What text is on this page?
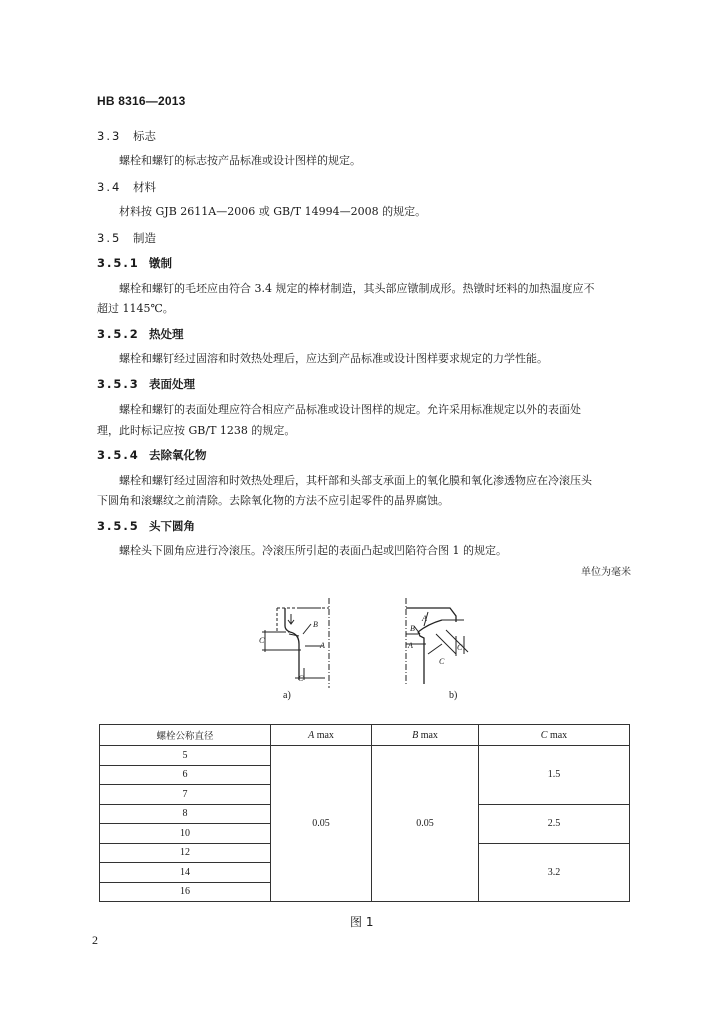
HB 8316—2013
3.3 标志
螺栓和螺钉的标志按产品标准或设计图样的规定。
3.4 材料
材料按 GJB 2611A—2006 或 GB/T 14994—2008 的规定。
3.5 制造
3.5.1 镦制
螺栓和螺钉的毛坯应由符合 3.4 规定的棒材制造，其头部应镦制成形。热镦时坯料的加热温度应不
超过 1145℃。
3.5.2 热处理
螺栓和螺钉经过固溶和时效热处理后，应达到产品标准或设计图样要求规定的力学性能。
3.5.3 表面处理
螺栓和螺钉的表面处理应符合相应产品标准或设计图样的规定。允许采用标准规定以外的表面处
理，此时标记应按 GB/T 1238 的规定。
3.5.4 去除氧化物
螺栓和螺钉经过固溶和时效热处理后，其杆部和头部支承面上的氧化膜和氧化渗透物应在冷滚压头
下圆角和滚螺纹之前清除。去除氧化物的方法不应引起零件的晶界腐蚀。
3.5.5 头下圆角
螺栓头下圆角应进行冷滚压。冷滚压所引起的表面凸起或凹陷符合图 1 的规定。
单位为毫米
C
B
A
C
a)
A
B
A	C
C
b)
螺栓公称直径	A max	B max	C max
5	0.05	0.05	1.5
6			
7			
8			2.5
10			
12			3.2
14			
16			
图 1
2
